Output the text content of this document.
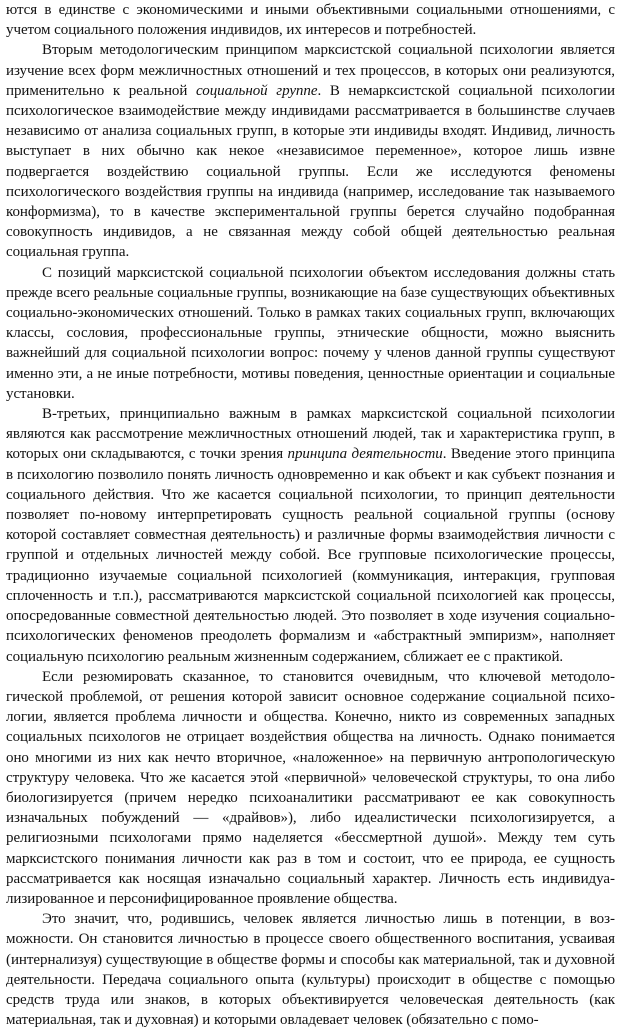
ются в единстве с экономическими и иными объективными социальными отношениями, с учетом социального положения индивидов, их интересов и потребностей.

Вторым методологическим принципом марксистской социальной психологии является изучение всех форм межличностных отношений и тех процессов, в которых они реализуются, применительно к реальной социальной группе. В немарксистской социальной психологии психологическое взаимодействие между индивидами рассматривается в большинстве случаев независимо от анализа социальных групп, в которые эти индивиды входят. Индивид, личность выступает в них обычно как некое «независимое переменное», которое лишь извне подвергается воздействию социальной группы. Если же исследуются феномены психологического воздействия группы на индивида (например, исследование так называемого конформизма), то в качестве экспериментальной группы берется случайно подобранная совокупность индивидов, а не связанная между собой общей деятельностью реальная социальная группа.

С позиций марксистской социальной психологии объектом исследования должны стать прежде всего реальные социальные группы, возникающие на базе существующих объективных социально-экономических отношений. Только в рамках таких социальных групп, включающих классы, сословия, профессиональные группы, этнические общности, можно выяснить важнейший для социальной психологии вопрос: почему у членов данной группы существуют именно эти, а не иные потребности, мотивы поведения, ценностные ориентации и социальные установки.

В-третьих, принципиально важным в рамках марксистской социальной психологии являются как рассмотрение межличностных отношений людей, так и характеристика групп, в которых они складываются, с точки зрения принципа деятельности. Введение этого принципа в психологию позволило понять личность одновременно и как объект и как субъект познания и социального действия. Что же касается социальной психологии, то принцип деятельности позволяет по-новому интерпретировать сущность реальной социальной группы (основу которой составляет совместная деятельность) и различные формы взаимодействия личности с группой и отдельных личностей между собой. Все групповые психологические процессы, традиционно изучаемые социальной психологией (коммуникация, интеракция, групповая сплоченность и т.п.), рассматриваются марксистской социальной психологией как процессы, опосредованные совместной деятельностью людей. Это позволяет в ходе изучения социально-психологических феноменов преодолеть формализм и «абстрактный эмпиризм», наполняет социальную психологию реальным жизненным содержанием, сближает ее с практикой.

Если резюмировать сказанное, то становится очевидным, что ключевой методологической проблемой, от решения которой зависит основное содержание социальной психологии, является проблема личности и общества. Конечно, никто из современных западных социальных психологов не отрицает воздействия общества на личность. Однако понимается оно многими из них как нечто вторичное, «наложенное» на первичную антропологическую структуру человека. Что же касается этой «первичной» человеческой структуры, то она либо биологизируется (причем нередко психоаналитики рассматривают ее как совокупность изначальных побуждений — «драйвов»), либо идеалистически психологизируется, а религиозными психологами прямо наделяется «бессмертной душой». Между тем суть марксистского понимания личности как раз в том и состоит, что ее природа, ее сущность рассматривается как носящая изначально социальный характер. Личность есть индивидуализированное и персонифицированное проявление общества.

Это значит, что, родившись, человек является личностью лишь в потенции, в возможности. Он становится личностью в процессе своего общественного воспитания, усваивая (интернализуя) существующие в обществе формы и способы как материальной, так и духовной деятельности. Передача социального опыта (культуры) происходит в обществе с помощью средств труда или знаков, в которых объективируется человеческая деятельность (как материальная, так и духовная) и которыми овладевает человек (обязательно с помо-
